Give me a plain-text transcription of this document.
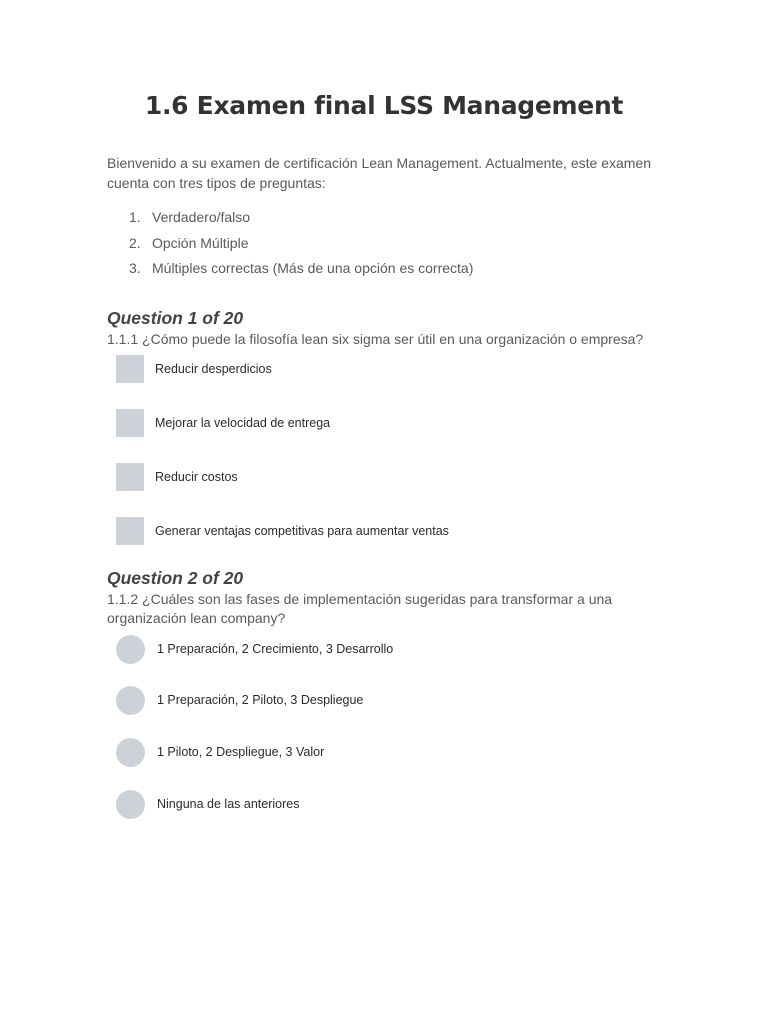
1.6 Examen final LSS Management

Bienvenido a su examen de certificación Lean Management. Actualmente, este examen cuenta con tres tipos de preguntas:

1. Verdadero/falso
2. Opción Múltiple
3. Múltiples correctas (Más de una opción es correcta)
Question 1 of 20

1.1.1 ¿Cómo puede la filosofía lean six sigma ser útil en una organización o empresa?

Reducir desperdicios
Mejorar la velocidad de entrega
Reducir costos
Generar ventajas competitivas para aumentar ventas
Question 2 of 20

1.1.2 ¿Cuáles son las fases de implementación sugeridas para transformar a una organización lean company?

1 Preparación, 2 Crecimiento, 3 Desarrollo
1 Preparación, 2 Piloto, 3 Despliegue
1 Piloto, 2 Despliegue, 3 Valor
Ninguna de las anteriores
